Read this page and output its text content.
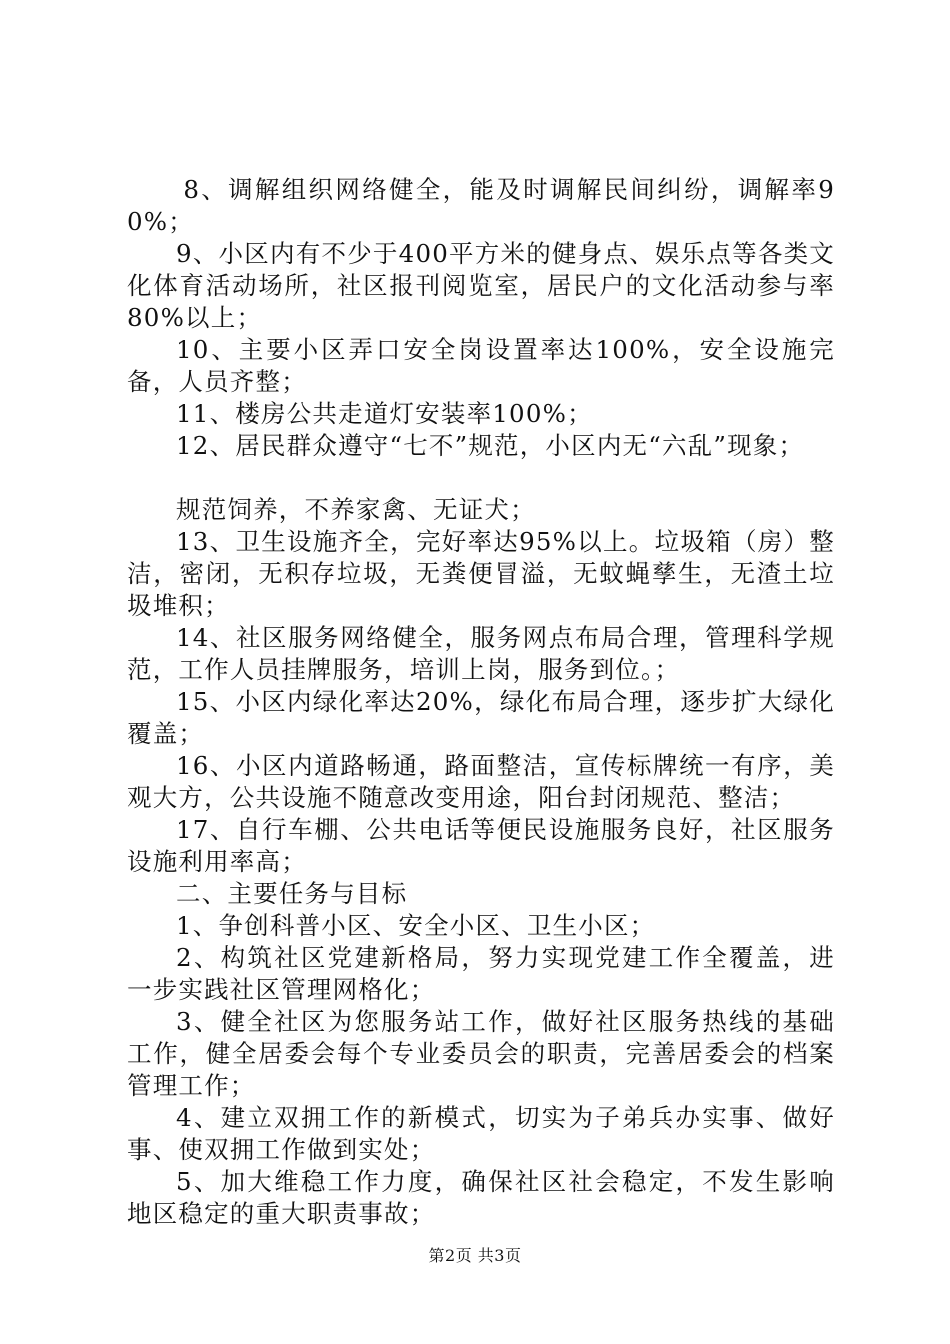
8、调解组织网络健全，能及时调解民间纠纷，调解率90%；

9、小区内有不少于400平方米的健身点、娱乐点等各类文化体育活动场所，社区报刊阅览室，居民户的文化活动参与率80%以上；

10、主要小区弄口安全岗设置率达100%，安全设施完备，人员齐整；

11、楼房公共走道灯安装率100%；

12、居民群众遵守“七不”规范，小区内无“六乱”现象；

规范饲养，不养家禽、无证犬；

13、卫生设施齐全，完好率达95%以上。垃圾箱（房）整洁，密闭，无积存垃圾，无粪便冒溢，无蚊蝇孳生，无渣土垃圾堆积；

14、社区服务网络健全，服务网点布局合理，管理科学规范，工作人员挂牌服务，培训上岗，服务到位。；

15、小区内绿化率达20%，绿化布局合理，逐步扩大绿化覆盖；

16、小区内道路畅通，路面整洁，宣传标牌统一有序，美观大方，公共设施不随意改变用途，阳台封闭规范、整洁；

17、自行车棚、公共电话等便民设施服务良好，社区服务设施利用率高；

二、主要任务与目标

1、争创科普小区、安全小区、卫生小区；

2、构筑社区党建新格局，努力实现党建工作全覆盖，进一步实践社区管理网格化；

3、健全社区为您服务站工作，做好社区服务热线的基础工作，健全居委会每个专业委员会的职责，完善居委会的档案管理工作；

4、建立双拥工作的新模式，切实为子弟兵办实事、做好事、使双拥工作做到实处；

5、加大维稳工作力度，确保社区社会稳定，不发生影响地区稳定的重大职责事故；

第2页 共3页
